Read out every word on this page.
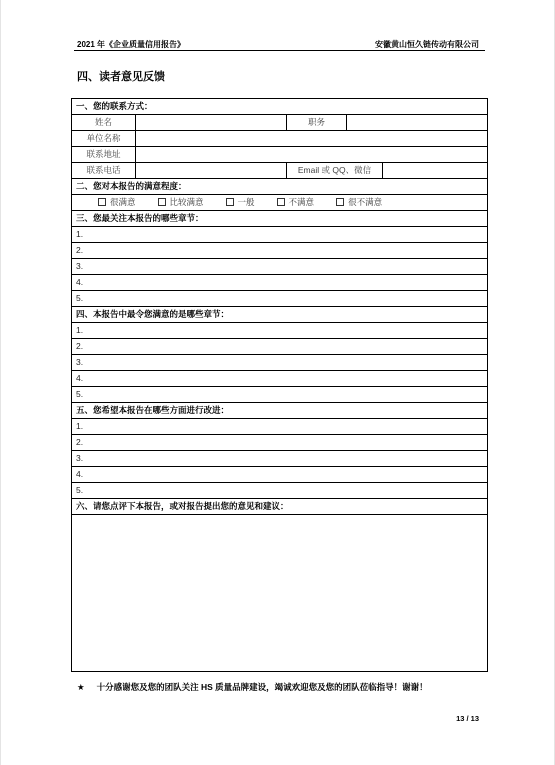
2021 年《企业质量信用报告》	安徽黄山恒久链传动有限公司
四、读者意见反馈
一、您的联系方式：				
姓名		职务		
单位名称				
联系地址				
联系电话		Email 或 QQ、微信		
二、您对本报告的满意程度：				

很满意 比较满意 一般 不满意 很不满意				

三、您最关注本报告的哪些章节：				
1.				
2.				
3.				
4.				
5.				
四、本报告中最令您满意的是哪些章节：				
1.				
2.				
3.				
4.				
5.				
五、您希望本报告在哪些方面进行改进：				
1.				
2.				
3.				
4.				
5.				
六、请您点评下本报告，或对报告提出您的意见和建议：				

★ 十分感谢您及您的团队关注 HS 质量品牌建设，竭诚欢迎您及您的团队莅临指导！谢谢！
13 / 13
